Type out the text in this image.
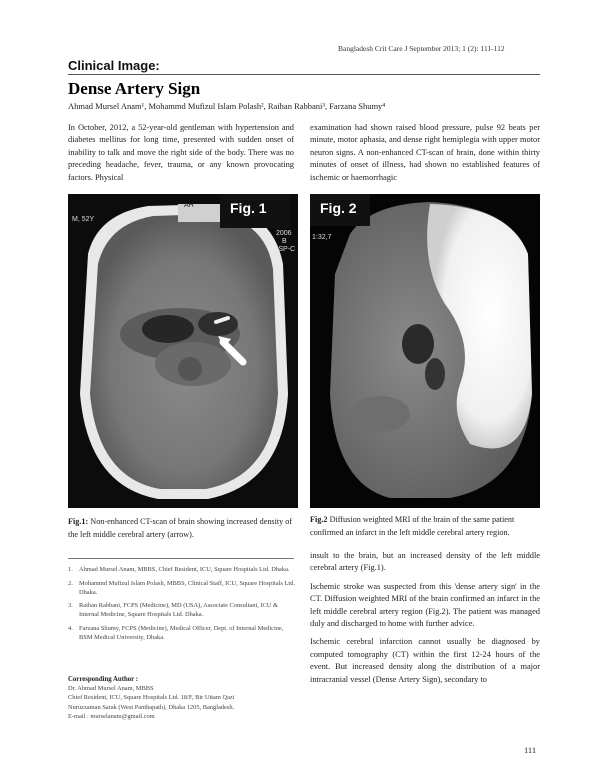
Bangladesh Crit Care J September 2013; 1 (2): 111-112
Clinical Image:
Dense Artery Sign
Ahmad Mursel Anam¹, Mohammd Mufizul Islam Polash², Raihan Rabbani³, Farzana Shumy⁴
In October, 2012, a 52-year-old gentleman with hypertension and diabetes mellitus for long time, presented with sudden onset of inability to talk and move the right side of the body. There was no preceding headache, fever, trauma, or any known provocating factors. Physical
examination had shown raised blood pressure, pulse 92 beats per minute, motor aphasia, and dense right hemiplegia with upper motor neuron signs. A non-enhanced CT-scan of brain, done within thirty minutes of onset of illness, had shown no established features of ischemic or haemorrhagic
M, 52Y
AH
2006
B
-SP-C
Fig. 1
1:32,7
Fig. 2
Fig.1: Non-enhanced CT-scan of brain showing increased density of the left middle cerebral artery (arrow).
Fig.2 Diffusion weighted MRI of the brain of the same patient confirmed an infarct in the left middle cerebral artery region.
1. Ahmad Mursel Anam, MBBS, Chief Resident, ICU, Square Hospitals Ltd. Dhaka.
2. Mohammd Mufizul Islam Polash, MBBS, Clinical Staff, ICU, Square Hospitals Ltd. Dhaka.
3. Raihan Rabbani, FCPS (Medicine), MD (USA), Associate Consultant, ICU & Internal Medicine, Square Hospitals Ltd. Dhaka.
4. Farzana Shumy, FCPS (Medicine), Medical Officer, Dept. of Internal Medicine, BSM Medical University, Dhaka.
Corresponding Author :
Dr. Ahmad Mursel Anam, MBBS
Chief Resident, ICU, Square Hospitals Ltd. 18/F, Bir Uttam Qazi
Nuruzzaman Sarak (West Panthapath), Dhaka 1205, Bangladesh.
E-mail : murselanam@gmail.com

insult to the brain, but an increased density of the left middle cerebral artery (Fig.1).

Ischemic stroke was suspected from this 'dense artery sign' in the CT. Diffusion weighted MRI of the brain confirmed an infarct in the left middle cerebral artery region (Fig.2). The patient was managed duly and discharged to home with further advice.

Ischemic cerebral infarction cannot usually be diagnosed by computed tomography (CT) within the first 12-24 hours of the event. But increased density along the distribution of a major intracranial vessel (Dense Artery Sign), secondary to

111
